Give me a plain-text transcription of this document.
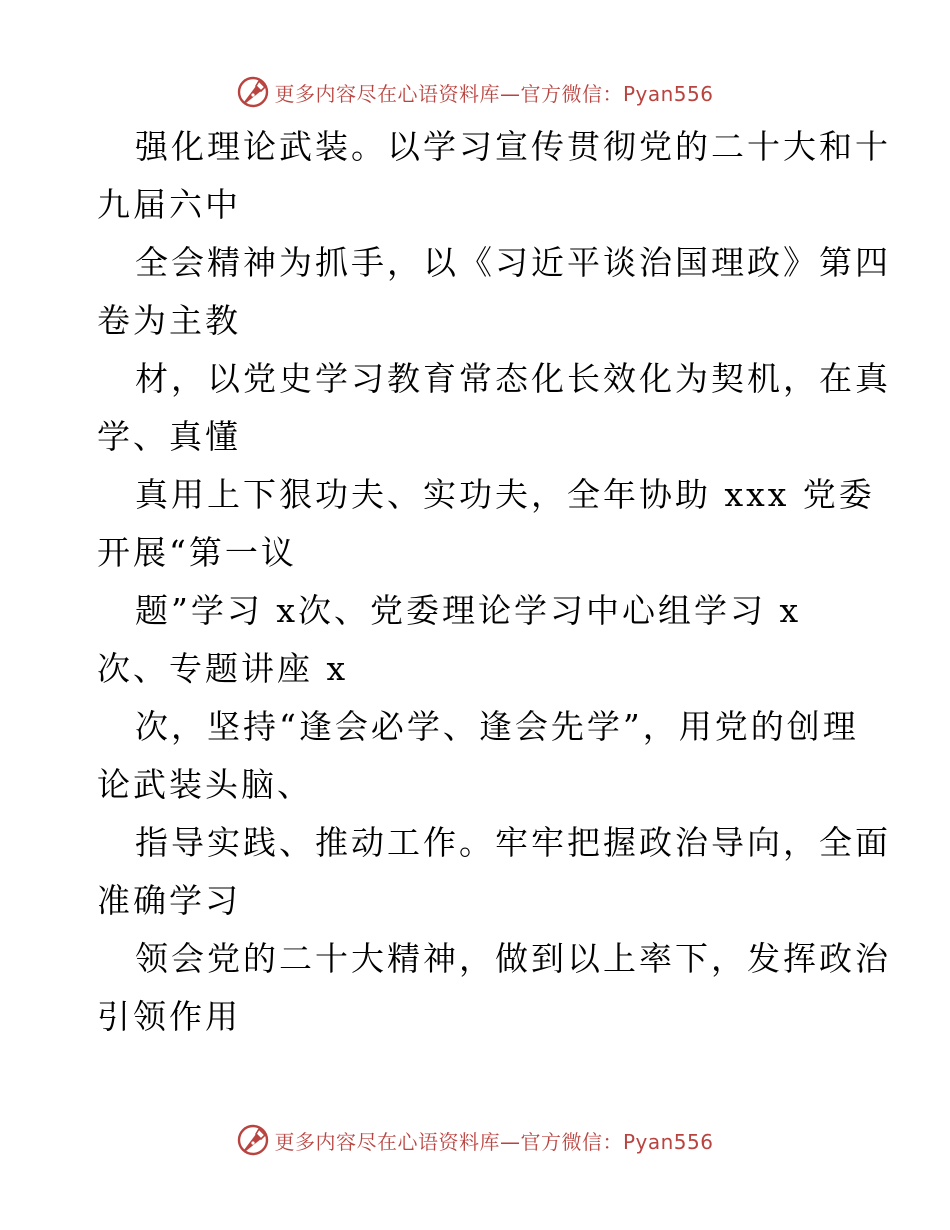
更多内容尽在心语资料库—官方微信：Pyan556
强化理论武装。以学习宣传贯彻党的二十大和十
九届六中
全会精神为抓手，以《习近平谈治国理政》第四
卷为主教
材，以党史学习教育常态化长效化为契机，在真
学、真懂
真用上下狠功夫、实功夫，全年协助 xxx 党委
开展“第一议
题”学习 x次、党委理论学习中心组学习 x
次、专题讲座 x
次，坚持“逢会必学、逢会先学”，用党的创理
论武装头脑、
指导实践、推动工作。牢牢把握政治导向，全面
准确学习
领会党的二十大精神，做到以上率下，发挥政治
引领作用
更多内容尽在心语资料库—官方微信：Pyan556
